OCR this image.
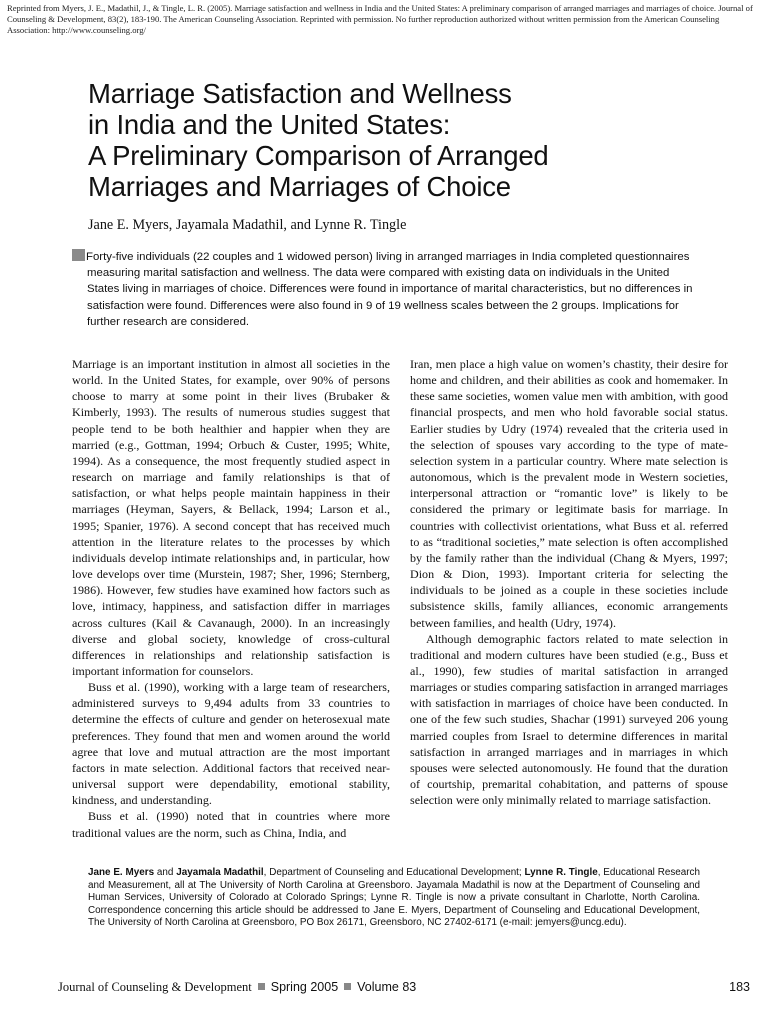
Reprinted from Myers, J. E., Madathil, J., & Tingle, L. R. (2005). Marriage satisfaction and wellness in India and the United States: A preliminary comparison of arranged marriages and marriages of choice. Journal of Counseling & Development, 83(2), 183-190. The American Counseling Association. Reprinted with permission. No further reproduction authorized without written permission from the American Counseling Association: http://www.counseling.org/
Marriage Satisfaction and Wellness
in India and the United States:
A Preliminary Comparison of Arranged
Marriages and Marriages of Choice
Jane E. Myers, Jayamala Madathil, and Lynne R. Tingle
Forty-five individuals (22 couples and 1 widowed person) living in arranged marriages in India completed questionnaires measuring marital satisfaction and wellness. The data were compared with existing data on individuals in the United States living in marriages of choice. Differences were found in importance of marital characteristics, but no differences in satisfaction were found. Differences were also found in 9 of 19 wellness scales between the 2 groups. Implications for further research are considered.

Marriage is an important institution in almost all societies in the world. In the United States, for example, over 90% of persons choose to marry at some point in their lives (Brubaker & Kimberly, 1993). The results of numerous studies suggest that people tend to be both healthier and happier when they are married (e.g., Gottman, 1994; Orbuch & Custer, 1995; White, 1994). As a consequence, the most frequently studied aspect in research on marriage and family relationships is that of satisfaction, or what helps people maintain happiness in their marriages (Heyman, Sayers, & Bellack, 1994; Larson et al., 1995; Spanier, 1976). A second concept that has received much attention in the literature relates to the processes by which individuals develop intimate relationships and, in particular, how love develops over time (Murstein, 1987; Sher, 1996; Sternberg, 1986). However, few studies have examined how factors such as love, intimacy, happiness, and satisfaction differ in marriages across cultures (Kail & Cavanaugh, 2000). In an increasingly diverse and global society, knowledge of cross-cultural differences in relationships and relationship satisfaction is important information for counselors.

Buss et al. (1990), working with a large team of researchers, administered surveys to 9,494 adults from 33 countries to determine the effects of culture and gender on heterosexual mate preferences. They found that men and women around the world agree that love and mutual attraction are the most important factors in mate selection. Additional factors that received near-universal support were dependability, emotional stability, kindness, and understanding.

Buss et al. (1990) noted that in countries where more traditional values are the norm, such as China, India, and

Iran, men place a high value on women’s chastity, their desire for home and children, and their abilities as cook and homemaker. In these same societies, women value men with ambition, with good financial prospects, and men who hold favorable social status. Earlier studies by Udry (1974) revealed that the criteria used in the selection of spouses vary according to the type of mate-selection system in a particular country. Where mate selection is autonomous, which is the prevalent mode in Western societies, interpersonal attraction or “romantic love” is likely to be considered the primary or legitimate basis for marriage. In countries with collectivist orientations, what Buss et al. referred to as “traditional societies,” mate selection is often accomplished by the family rather than the individual (Chang & Myers, 1997; Dion & Dion, 1993). Important criteria for selecting the individuals to be joined as a couple in these societies include subsistence skills, family alliances, economic arrangements between families, and health (Udry, 1974).

Although demographic factors related to mate selection in traditional and modern cultures have been studied (e.g., Buss et al., 1990), few studies of marital satisfaction in arranged marriages or studies comparing satisfaction in arranged marriages with satisfaction in marriages of choice have been conducted. In one of the few such studies, Shachar (1991) surveyed 206 young married couples from Israel to determine differences in marital satisfaction in arranged marriages and in marriages in which spouses were selected autonomously. He found that the duration of courtship, premarital cohabitation, and patterns of spouse selection were only minimally related to marriage satisfaction.

Jane E. Myers and Jayamala Madathil, Department of Counseling and Educational Development; Lynne R. Tingle, Educational Research and Measurement, all at The University of North Carolina at Greensboro. Jayamala Madathil is now at the Department of Counseling and Human Services, University of Colorado at Colorado Springs; Lynne R. Tingle is now a private consultant in Charlotte, North Carolina. Correspondence concerning this article should be addressed to Jane E. Myers, Department of Counseling and Educational Development, The University of North Carolina at Greensboro, PO Box 26171, Greensboro, NC 27402-6171 (e-mail: jemyers@uncg.edu).
Journal of Counseling & Development Spring 2005 Volume 83	183
